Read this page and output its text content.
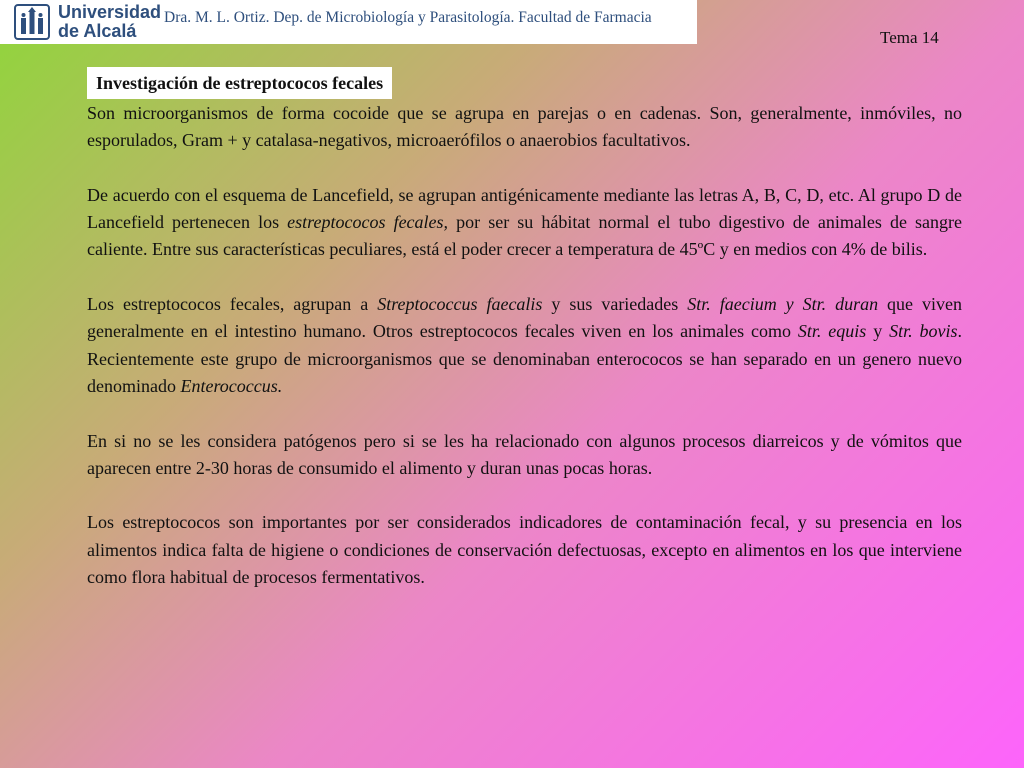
Universidad
de Alcalá
Dra. M. L. Ortiz. Dep. de Microbiología y Parasitología. Facultad de Farmacia
Tema 14
Investigación de estreptococos fecales

Son microorganismos de forma cocoide que se agrupa en parejas o en cadenas. Son, generalmente, inmóviles, no esporulados, Gram + y catalasa-negativos, microaerófilos o anaerobios facultativos.

De acuerdo con el esquema de Lancefield, se agrupan antigénicamente mediante las letras A, B, C, D, etc. Al grupo D de Lancefield pertenecen los estreptococos fecales, por ser su hábitat normal el tubo digestivo de animales de sangre caliente. Entre sus características peculiares, está el poder crecer a temperatura de 45ºC y en medios con 4% de bilis.

Los estreptococos fecales, agrupan a Streptococcus faecalis y sus variedades Str. faecium y Str. duran que viven generalmente en el intestino humano. Otros estreptococos fecales viven en los animales como Str. equis y Str. bovis. Recientemente este grupo de microorganismos que se denominaban enterococos se han separado en un genero nuevo denominado Enterococcus.

En si no se les considera patógenos pero si se les ha relacionado con algunos procesos diarreicos y de vómitos que aparecen entre 2-30 horas de consumido el alimento y duran unas pocas horas.

Los estreptococos son importantes por ser considerados indicadores de contaminación fecal, y su presencia en los alimentos indica falta de higiene o condiciones de conservación defectuosas, excepto en alimentos en los que interviene como flora habitual de procesos fermentativos.
